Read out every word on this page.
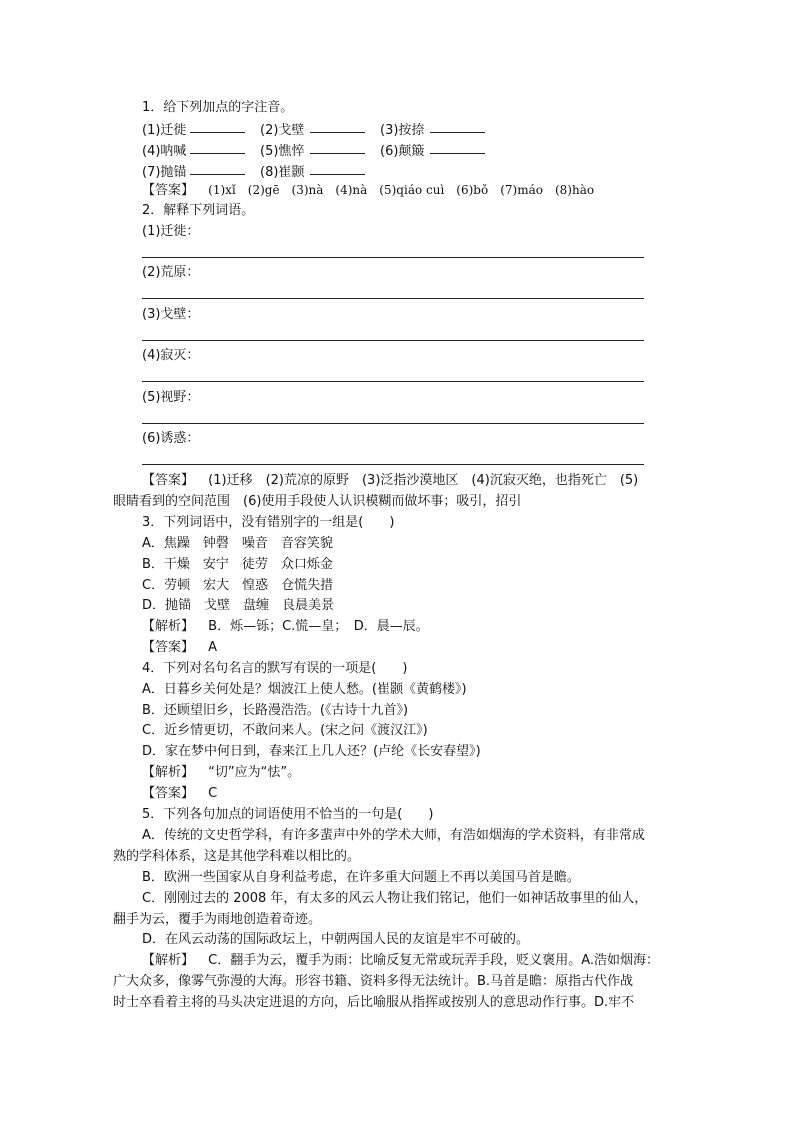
1．给下列加点的字注音。
(1)迁徙	(2)戈壁	(3)按捺
(4)呐喊	(5)憔悴	(6)颠簸
(7)抛锚	(8)崔颢
【答案】 (1)xǐ　(2)gē　(3)nà　(4)nà　(5)qiáo cuì　(6)bǒ　(7)máo　(8)hào
2．解释下列词语。
(1)迁徙：
(2)荒原：
(3)戈壁：
(4)寂灭：
(5)视野：
(6)诱惑：
【答案】 (1)迁移　(2)荒凉的原野　(3)泛指沙漠地区　(4)沉寂灭绝，也指死亡　(5)
眼睛看到的空间范围　(6)使用手段使人认识模糊而做坏事；吸引，招引
3．下列词语中，没有错别字的一组是(　　)
A．焦躁　钟磬　噪音　音容笑貌
B．干燥　安宁　徒劳　众口烁金
C．劳顿　宏大　惶惑　仓慌失措
D．抛锚　戈壁　盘缠　良晨美景
【解析】 B．烁—铄；C.慌—皇；　D．晨—辰。
【答案】 A
4．下列对名句名言的默写有误的一项是(　　)
A．日暮乡关何处是？烟波江上使人愁。(崔颢《黄鹤楼》)
B．还顾望旧乡，长路漫浩浩。(《古诗十九首》)
C．近乡情更切，不敢问来人。(宋之问《渡汉江》)
D．家在梦中何日到，春来江上几人还？(卢纶《长安春望》)
【解析】 “切”应为“怯”。
【答案】 C
5．下列各句加点的词语使用不恰当的一句是(　　)
A．传统的文史哲学科，有许多蜚声中外的学术大师，有浩如烟海的学术资料，有非常成
熟的学科体系，这是其他学科难以相比的。
B．欧洲一些国家从自身利益考虑，在许多重大问题上不再以美国马首是瞻。
C．刚刚过去的 2008 年，有太多的风云人物让我们铭记，他们一如神话故事里的仙人，
翻手为云，覆手为雨地创造着奇迹。
D．在风云动荡的国际政坛上，中朝两国人民的友谊是牢不可破的。
【解析】 C．翻手为云，覆手为雨：比喻反复无常或玩弄手段，贬义褒用。A.浩如烟海：
广大众多，像雾气弥漫的大海。形容书籍、资料多得无法统计。B.马首是瞻：原指古代作战
时士卒看着主将的马头决定进退的方向，后比喻服从指挥或按别人的意思动作行事。D.牢不
